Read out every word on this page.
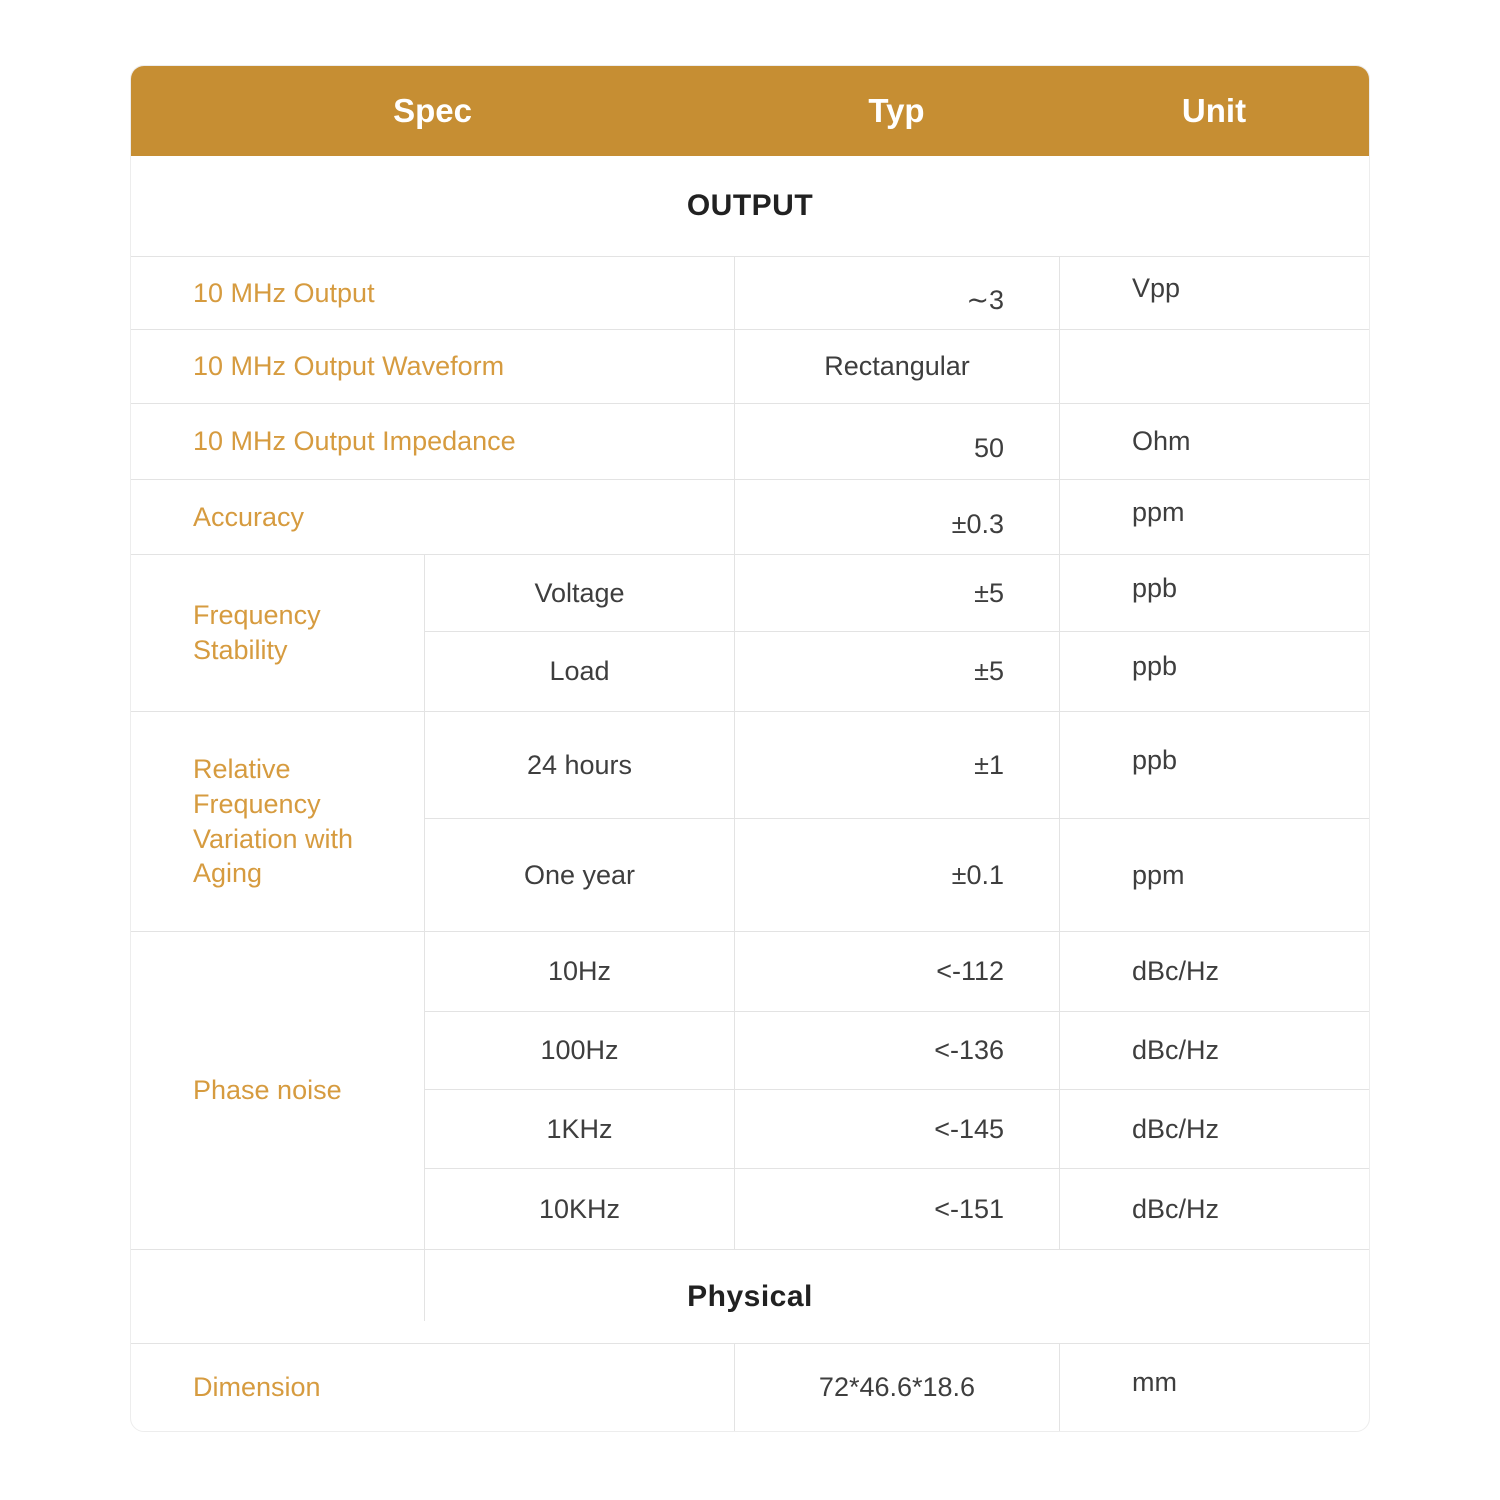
Spec	Typ	Unit
OUTPUT
10 MHz Output	∼3	Vpp
10 MHz Output Waveform	Rectangular
10 MHz Output Impedance	50	Ohm
Accuracy	±0.3	ppm
Frequency Stability
Voltage	±5	ppb
Load	±5	ppb
Relative Frequency Variation with Aging
24 hours	±1	ppb
One year	±0.1	ppm
Phase noise
10Hz	<-112	dBc/Hz
100Hz	<-136	dBc/Hz
1KHz	<-145	dBc/Hz
10KHz	<-151	dBc/Hz
Physical
Dimension	72*46.6*18.6	mm
